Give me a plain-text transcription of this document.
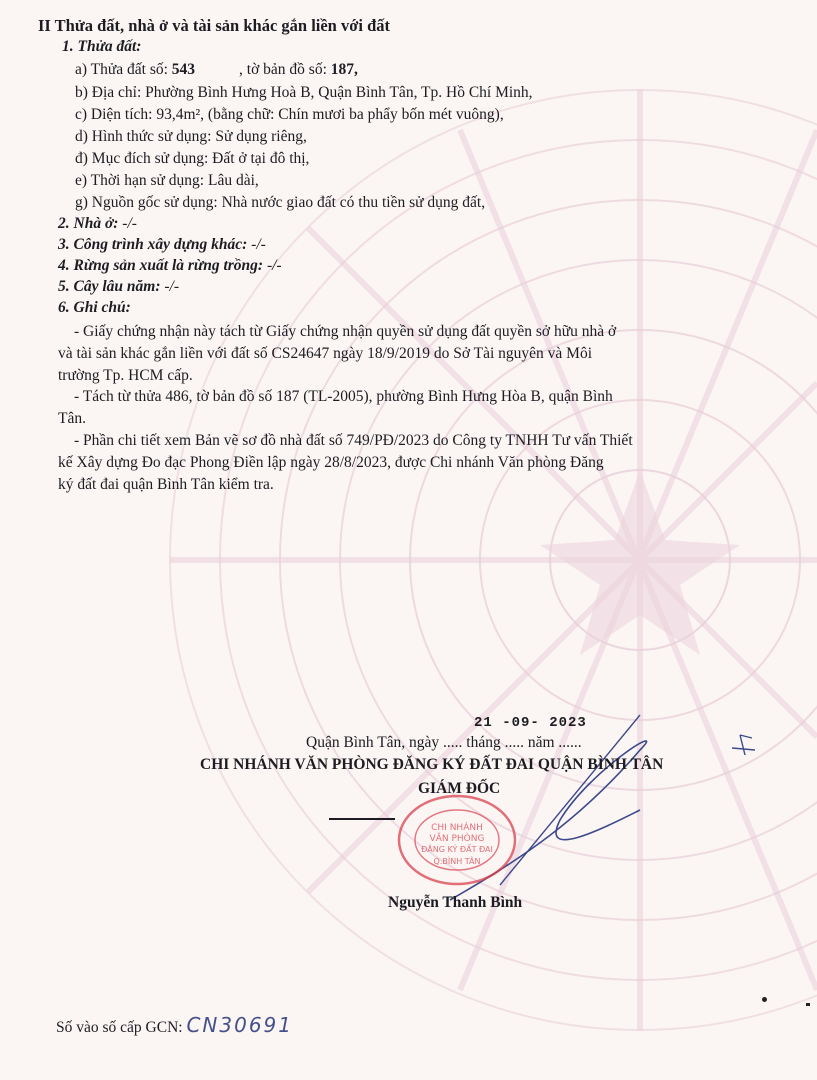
CHI NHÁNH
VĂN PHÒNG
ĐĂNG KÝ ĐẤT ĐAI
Q.BÌNH TÂN
II Thửa đất, nhà ở và tài sản khác gắn liền với đất
1. Thửa đất:
a) Thửa đất số: 543	, tờ bản đồ số: 187,
b) Địa chỉ: Phường Bình Hưng Hoà B, Quận Bình Tân, Tp. Hồ Chí Minh,
c) Diện tích: 93,4m², (bằng chữ: Chín mươi ba phẩy bốn mét vuông),
d) Hình thức sử dụng: Sử dụng riêng,
đ) Mục đích sử dụng: Đất ở tại đô thị,
e) Thời hạn sử dụng: Lâu dài,
g) Nguồn gốc sử dụng: Nhà nước giao đất có thu tiền sử dụng đất,
2. Nhà ở: -/-
3. Công trình xây dựng khác: -/-
4. Rừng sản xuất là rừng trồng: -/-
5. Cây lâu năm: -/-
6. Ghi chú:
- Giấy chứng nhận này tách từ Giấy chứng nhận quyền sử dụng đất quyền sở hữu nhà ở
và tài sản khác gắn liền với đất số CS24647 ngày 18/9/2019 do Sở Tài nguyên và Môi
trường Tp. HCM cấp.
- Tách từ thửa 486, tờ bản đồ số 187 (TL-2005), phường Bình Hưng Hòa B, quận Bình
Tân.
- Phần chi tiết xem Bản vẽ sơ đồ nhà đất số 749/PĐ/2023 do Công ty TNHH Tư vấn Thiết
kế Xây dựng Đo đạc Phong Điền lập ngày 28/8/2023, được Chi nhánh Văn phòng Đăng
ký đất đai quận Bình Tân kiểm tra.
21 -09- 2023
Quận Bình Tân, ngày ..... tháng ..... năm ......
CHI NHÁNH VĂN PHÒNG ĐĂNG KÝ ĐẤT ĐAI QUẬN BÌNH TÂN
GIÁM ĐỐC
Nguyễn Thanh Bình
Số vào số cấp GCN: CN30691
